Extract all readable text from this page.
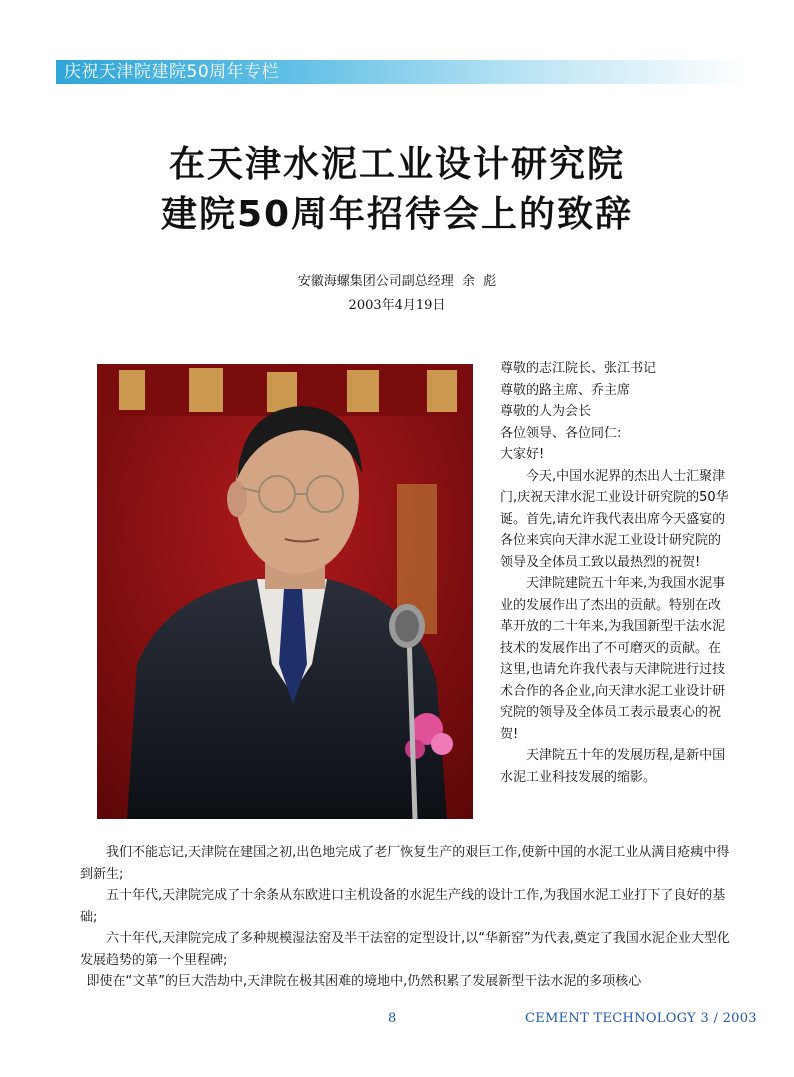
庆祝天津院建院50周年专栏
在天津水泥工业设计研究院
建院50周年招待会上的致辞
安徽海螺集团公司副总经理  余  彪
2003年4月19日

尊敬的志江院长、张江书记

尊敬的路主席、乔主席

尊敬的人为会长

各位领导、各位同仁:

大家好!

今天,中国水泥界的杰出人士汇聚津门,庆祝天津水泥工业设计研究院的50华诞。首先,请允许我代表出席今天盛宴的各位来宾向天津水泥工业设计研究院的领导及全体员工致以最热烈的祝贺!

天津院建院五十年来,为我国水泥事业的发展作出了杰出的贡献。特别在改革开放的二十年来,为我国新型干法水泥技术的发展作出了不可磨灭的贡献。在这里,也请允许我代表与天津院进行过技术合作的各企业,向天津水泥工业设计研究院的领导及全体员工表示最衷心的祝贺!

天津院五十年的发展历程,是新中国水泥工业科技发展的缩影。

我们不能忘记,天津院在建国之初,出色地完成了老厂恢复生产的艰巨工作,使新中国的水泥工业从满目疮痍中得到新生;

五十年代,天津院完成了十余条从东欧进口主机设备的水泥生产线的设计工作,为我国水泥工业打下了良好的基础;

六十年代,天津院完成了多种规模湿法窑及半干法窑的定型设计,以“华新窑”为代表,奠定了我国水泥企业大型化发展趋势的第一个里程碑;

即使在“文革”的巨大浩劫中,天津院在极其困难的境地中,仍然积累了发展新型干法水泥的多项核心

8	CEMENT TECHNOLOGY 3 / 2003
